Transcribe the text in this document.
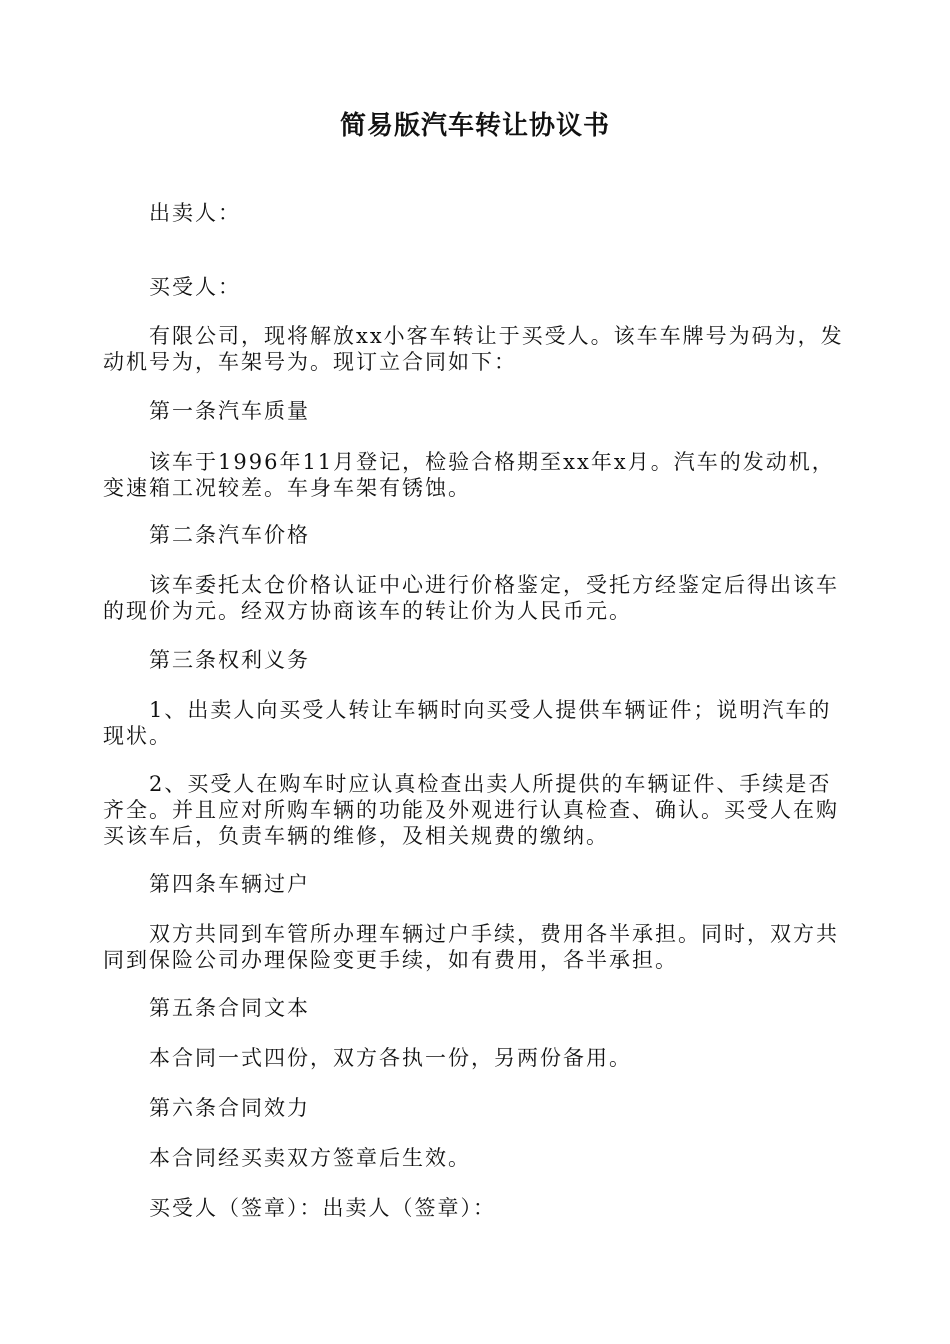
简易版汽车转让协议书
出卖人：
买受人：
有限公司，现将解放xx小客车转让于买受人。该车车牌号为码为，发动机号为，车架号为。现订立合同如下：
第一条汽车质量
该车于1996年11月登记，检验合格期至xx年x月。汽车的发动机，变速箱工况较差。车身车架有锈蚀。
第二条汽车价格
该车委托太仓价格认证中心进行价格鉴定，受托方经鉴定后得出该车的现价为元。经双方协商该车的转让价为人民币元。
第三条权利义务
1、出卖人向买受人转让车辆时向买受人提供车辆证件；说明汽车的现状。
2、买受人在购车时应认真检查出卖人所提供的车辆证件、手续是否齐全。并且应对所购车辆的功能及外观进行认真检查、确认。买受人在购买该车后，负责车辆的维修，及相关规费的缴纳。
第四条车辆过户
双方共同到车管所办理车辆过户手续，费用各半承担。同时，双方共同到保险公司办理保险变更手续，如有费用，各半承担。
第五条合同文本
本合同一式四份，双方各执一份，另两份备用。
第六条合同效力
本合同经买卖双方签章后生效。
买受人（签章）：出卖人（签章）：
